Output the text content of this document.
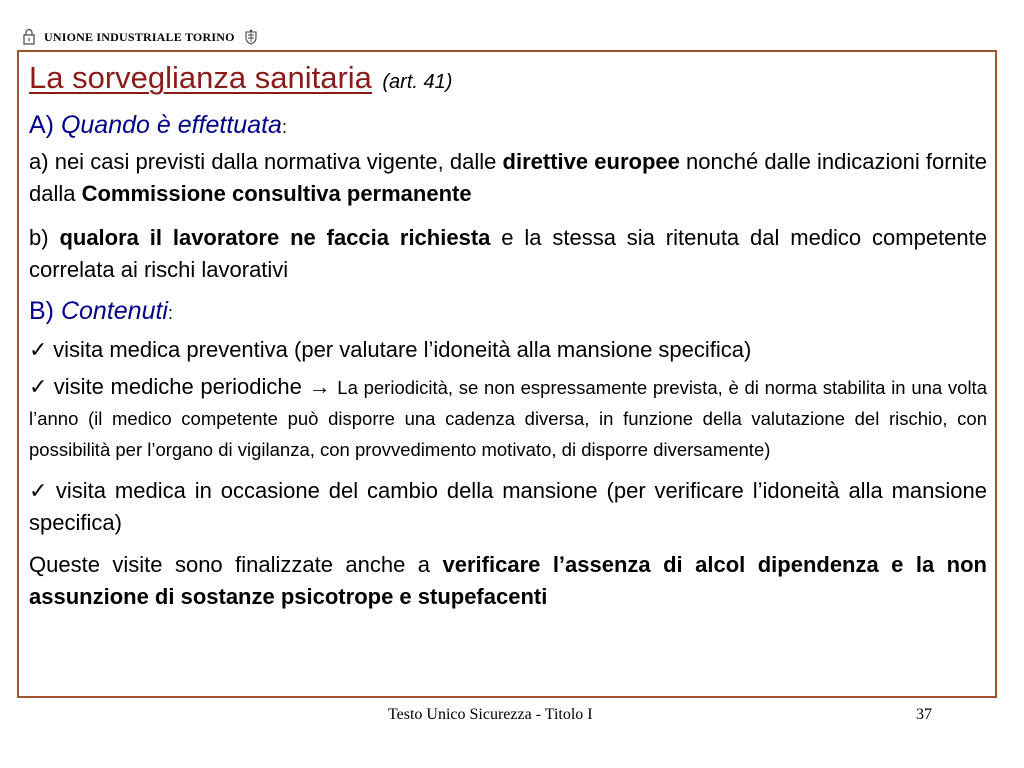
UNIONE INDUSTRIALE TORINO
La sorveglianza sanitaria (art. 41)
A) Quando è effettuata:

a) nei casi previsti dalla normativa vigente, dalle direttive europee nonché dalle indicazioni fornite dalla Commissione consultiva permanente

b) qualora il lavoratore ne faccia richiesta e la stessa sia ritenuta dal medico competente correlata ai rischi lavorativi

B) Contenuti:

✓ visita medica preventiva (per valutare l’idoneità alla mansione specifica)

✓ visite mediche periodiche → La periodicità, se non espressamente prevista, è di norma stabilita in una volta l’anno (il medico competente può disporre una cadenza diversa, in funzione della valutazione del rischio, con possibilità per l’organo di vigilanza, con provvedimento motivato, di disporre diversamente)

✓ visita medica in occasione del cambio della mansione (per verificare l’idoneità alla mansione specifica)

Queste visite sono finalizzate anche a verificare l’assenza di alcol dipendenza e la non assunzione di sostanze psicotrope e stupefacenti

Testo Unico Sicurezza - Titolo I	37
